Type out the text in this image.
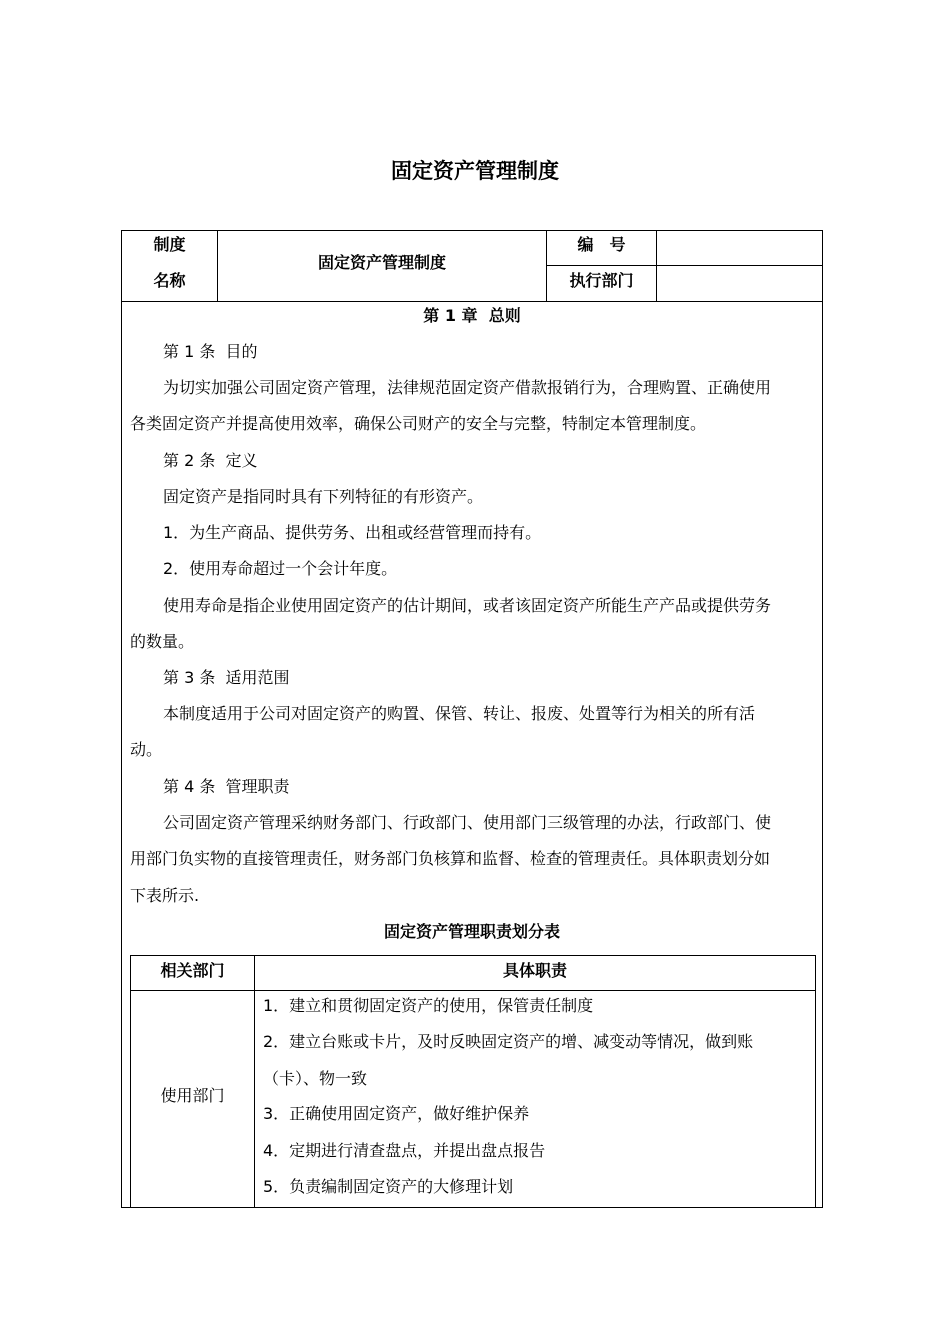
固定资产管理制度
制度
名称
固定资产管理制度
编　号
执行部门
第 1 章  总则
第 1 条  目的
为切实加强公司固定资产管理，法律规范固定资产借款报销行为，合理购置、正确使用
各类固定资产并提高使用效率，确保公司财产的安全与完整，特制定本管理制度。
第 2 条  定义
固定资产是指同时具有下列特征的有形资产。
1．为生产商品、提供劳务、出租或经营管理而持有。
2．使用寿命超过一个会计年度。
使用寿命是指企业使用固定资产的估计期间，或者该固定资产所能生产产品或提供劳务
的数量。
第 3 条  适用范围
本制度适用于公司对固定资产的购置、保管、转让、报废、处置等行为相关的所有活
动。
第 4 条  管理职责
公司固定资产管理采纳财务部门、行政部门、使用部门三级管理的办法，行政部门、使
用部门负实物的直接管理责任，财务部门负核算和监督、检查的管理责任。具体职责划分如
下表所示.
固定资产管理职责划分表
相关部门	具体职责
使用部门
1．建立和贯彻固定资产的使用，保管责任制度
2．建立台账或卡片，及时反映固定资产的增、减变动等情况，做到账
（卡）、物一致
3．正确使用固定资产，做好维护保养
4．定期进行清查盘点，并提出盘点报告
5．负责编制固定资产的大修理计划
